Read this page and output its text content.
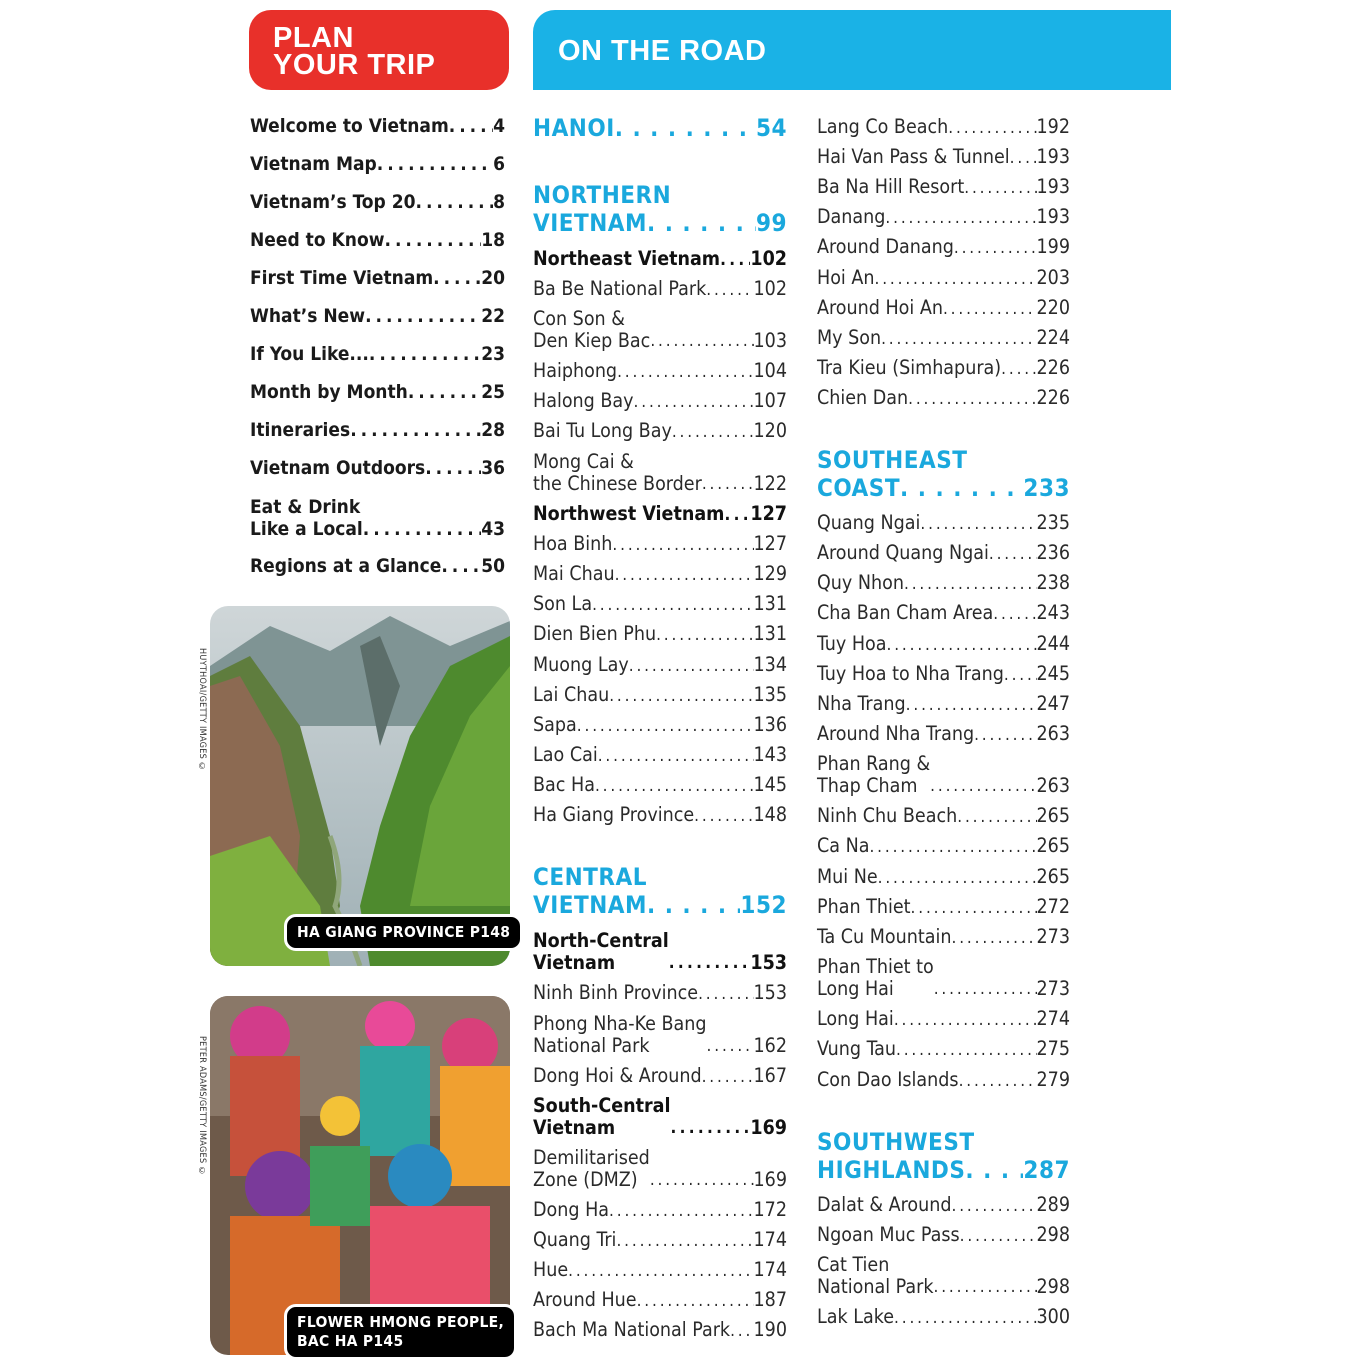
PLAN
YOUR TRIP	ON THE ROAD
Welcome to Vietnam . . . 4
Vietnam Map . . .	6
Vietnam’s Top 20 . . .	8
Need to Know . . .	18
First Time Vietnam . . .	20
What’s New . . .	22
If You Like... . . .	23
Month by Month . . .	25
Itineraries . . .	28
Vietnam Outdoors . . .	36
Eat & Drink
Like a Local . . .	43
Regions at a Glance . . . 50
HUYTHOAI/GETTY IMAGES ©
HA GIANG PROVINCE P148
PETER ADAMS/GETTY IMAGES ©
FLOWER HMONG PEOPLE,
BAC HA P145
HANOI . . .	54
NORTHERN
VIETNAM . . .	99
Northeast Vietnam . . . 102
Ba Be National Park . . . 102
Con Son &
Den Kiep Bac . . .	103
Haiphong . . .	104
Halong Bay . . .	107
Bai Tu Long Bay . . .	120
Mong Cai &
the Chinese Border . . .	122
Northwest Vietnam . . . 127
Hoa Binh . . .	127
Mai Chau . . .	129
Son La . . .	131
Dien Bien Phu . . .	131
Muong Lay . . .	134
Lai Chau . . .	135
Sapa . . .	136
Lao Cai . . .	143
Bac Ha . . .	145
Ha Giang Province . . .	148
CENTRAL
VIETNAM . . .	152
North-Central
Vietnam . . .	153
Ninh Binh Province . . .	153
Phong Nha-Ke Bang
National Park . . .	162
Dong Hoi & Around . . .	167
South-Central
Vietnam . . .	169
Demilitarised
Zone (DMZ) . . .	169
Dong Ha . . .	172
Quang Tri . . .	174
Hue . . .	174
Around Hue . . .	187
Bach Ma National Park . . . 190
Lang Co Beach . . .	192
Hai Van Pass & Tunnel . . . 193
Ba Na Hill Resort . . .	193
Danang . . .	193
Around Danang . . .	199
Hoi An . . .	203
Around Hoi An . . .	220
My Son . . .	224
Tra Kieu (Simhapura) . . . 226
Chien Dan . . .	226
SOUTHEAST
COAST . . .	233
Quang Ngai . . .	235
Around Quang Ngai . . . 236
Quy Nhon . . .	238
Cha Ban Cham Area . . . 243
Tuy Hoa . . .	244
Tuy Hoa to Nha Trang . . . 245
Nha Trang . . .	247
Around Nha Trang . . .	263
Phan Rang &
Thap Cham . . .	263
Ninh Chu Beach . . .	265
Ca Na . . .	265
Mui Ne . . .	265
Phan Thiet . . .	272
Ta Cu Mountain . . .	273
Phan Thiet to
Long Hai . . .	273
Long Hai . . .	274
Vung Tau . . .	275
Con Dao Islands . . .	279
SOUTHWEST
HIGHLANDS . . . 287
Dalat & Around . . .	289
Ngoan Muc Pass . . .	298
Cat Tien
National Park . . .	298
Lak Lake . . .	300
